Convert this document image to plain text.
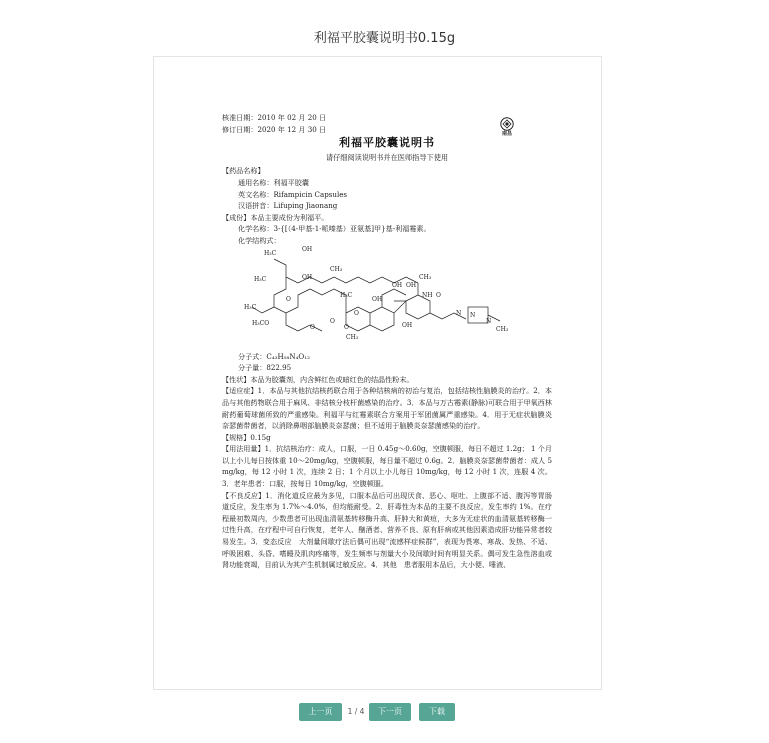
利福平胶囊说明书0.15g
南昌
核准日期：2010 年 02 月 20 日
修订日期：2020 年 12 月 30 日
利福平胶囊说明书
请仔细阅读说明书并在医师指导下使用
【药品名称】
通用名称：利福平胶囊
英文名称：Rifampicin Capsules
汉语拼音：Lifuping Jiaonang
【成份】本品主要成份为利福平。
化学名称：3-{[（4-甲基-1-哌嗪基）亚氨基]甲}基-利福霉素。
化学结构式：
分子式：C₄₃H₅₈N₄O₁₂
分子量：822.95
【性状】本品为胶囊剂，内含鲜红色或暗红色的结晶性粉末。
【适应症】1．本品与其他抗结核药联合用于各种结核病的初治与复治，包括结核性脑膜炎的治疗。2．本品与其他药物联合用于麻风、非结核分枝杆菌感染的治疗。3．本品与万古霉素(静脉)可联合用于甲氧西林耐药葡萄球菌所致的严重感染。利福平与红霉素联合方案用于军团菌属严重感染。4．用于无症状脑膜炎奈瑟菌带菌者，以消除鼻咽部脑膜炎奈瑟菌；但不适用于脑膜炎奈瑟菌感染的治疗。
【规格】0.15g
【用法用量】1．抗结核治疗：成人，口服，一日 0.45g～0.60g，空腹顿服，每日不超过 1.2g； 1 个月以上小儿每日按体重 10～20mg/kg，空腹顿服，每日量不超过 0.6g。2．脑膜炎奈瑟菌带菌者：成人 5mg/kg，每 12 小时 1 次，连续 2 日；1 个月以上小儿每日 10mg/kg，每 12 小时 1 次，连服 4 次。3．老年患者：口服，按每日 10mg/kg，空腹顿服。
【不良反应】1．消化道反应最为多见，口服本品后可出现厌食、恶心、呕吐、上腹部不适、腹泻等胃肠道反应，发生率为 1.7%～4.0%，但均能耐受。2．肝毒性为本品的主要不良反应，发生率约 1%。在疗程最初数周内，少数患者可出现血清氨基转移酶升高、肝肿大和黄疸，大多为无症状的血清氨基转移酶一过性升高，在疗程中可自行恢复，老年人、酗酒者、营养不良、原有肝病或其他因素造成肝功能异常者较易发生。3．变态反应　大剂量间歇疗法后偶可出现“流感样症候群”，表现为畏寒、寒战、发热、不适、呼吸困难、头昏、嗜睡及肌肉疼痛等，发生频率与剂量大小及间歇时间有明显关系。偶可发生急性溶血或肾功能衰竭，目前认为其产生机制属过敏反应。4．其他　患者服用本品后，大小便、唾液、
H₃C
OH
CH₃
H₃C	OH	CH₃
H₃C
OH OH
NH O
H₃C
O	OH
OH
O	N N
N
CH₃
H₃CO
O	O
CH₃
O
上一页	1 / 4	下一页	下载
